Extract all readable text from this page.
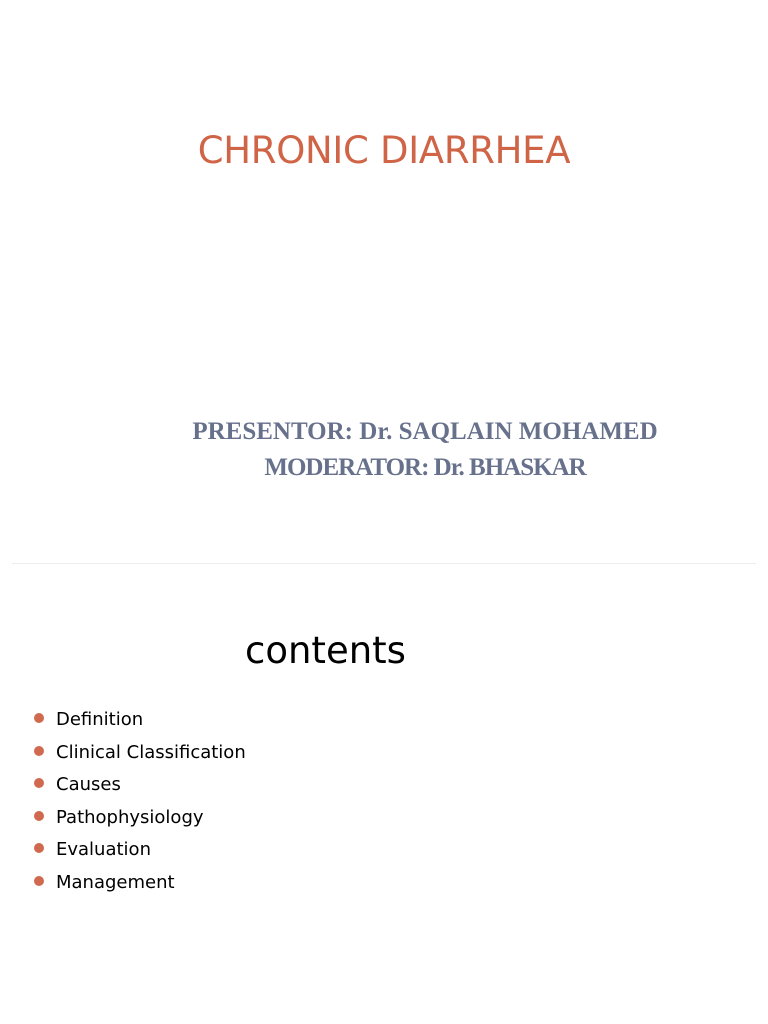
CHRONIC DIARRHEA
PRESENTOR: Dr. SAQLAIN MOHAMED
MODERATOR: Dr. BHASKAR
contents
Definition
Clinical Classification
Causes
Pathophysiology
Evaluation
Management
